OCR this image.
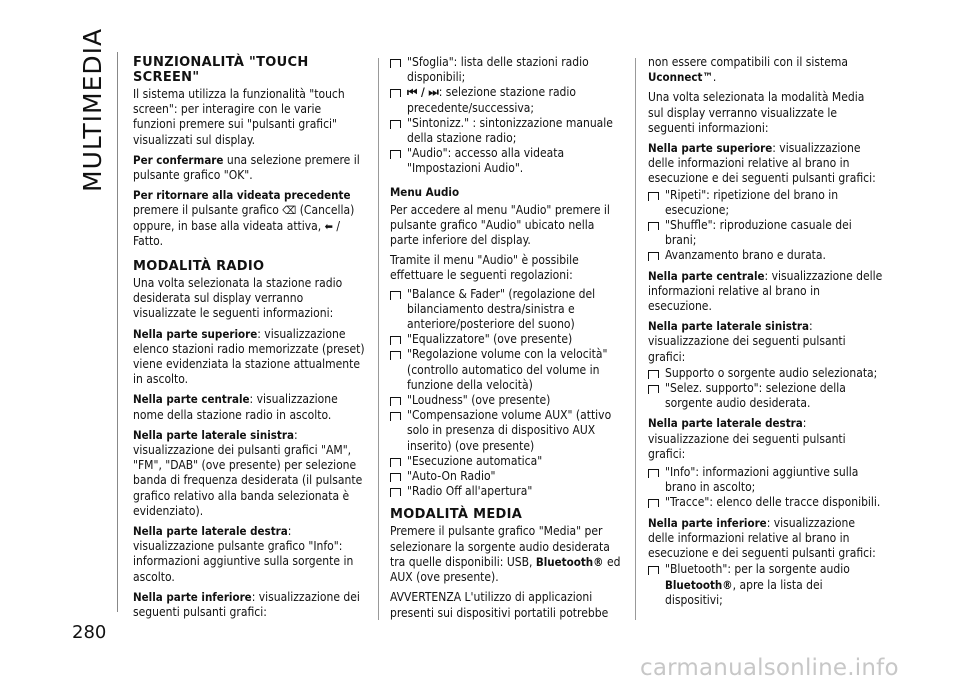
MULTIMEDIA
280
FUNZIONALITÀ "TOUCH SCREEN"

Il sistema utilizza la funzionalità "touch screen": per interagire con le varie funzioni premere sui "pulsanti grafici" visualizzati sul display.

Per confermare una selezione premere il pulsante grafico "OK".
Per ritornare alla videata precedente
premere il pulsante grafico ⌫ (Cancella) oppure, in base alla videata attiva, ⬅ / Fatto.
MODALITÀ RADIO

Una volta selezionata la stazione radio desiderata sul display verranno visualizzate le seguenti informazioni:

Nella parte superiore: visualizzazione elenco stazioni radio memorizzate (preset) viene evidenziata la stazione attualmente in ascolto.

Nella parte centrale: visualizzazione nome della stazione radio in ascolto.

Nella parte laterale sinistra: visualizzazione dei pulsanti grafici "AM", "FM", "DAB" (ove presente) per selezione banda di frequenza desiderata (il pulsante grafico relativo alla banda selezionata è evidenziato).

Nella parte laterale destra: visualizzazione pulsante grafico "Info": informazioni aggiuntive sulla sorgente in ascolto.

Nella parte inferiore: visualizzazione dei seguenti pulsanti grafici:

"Sfoglia": lista delle stazioni radio disponibili;
⏮ / ⏭: selezione stazione radio precedente/successiva;
"Sintonizz." : sintonizzazione manuale della stazione radio;
"Audio": accesso alla videata "Impostazioni Audio".
Menu Audio

Per accedere al menu "Audio" premere il pulsante grafico "Audio" ubicato nella parte inferiore del display.

Tramite il menu "Audio" è possibile effettuare le seguenti regolazioni:

"Balance & Fader" (regolazione del bilanciamento destra/sinistra e anteriore/posteriore del suono)
"Equalizzatore" (ove presente)
"Regolazione volume con la velocità" (controllo automatico del volume in funzione della velocità)
"Loudness" (ove presente)
"Compensazione volume AUX" (attivo solo in presenza di dispositivo AUX inserito) (ove presente)
"Esecuzione automatica"
"Auto-On Radio"
"Radio Off all'apertura"
MODALITÀ MEDIA

Premere il pulsante grafico "Media" per selezionare la sorgente audio desiderata tra quelle disponibili: USB, Bluetooth® ed AUX (ove presente).

AVVERTENZA L'utilizzo di applicazioni presenti sui dispositivi portatili potrebbe

non essere compatibili con il sistema Uconnect™.

Una volta selezionata la modalità Media sul display verranno visualizzate le seguenti informazioni:

Nella parte superiore: visualizzazione delle informazioni relative al brano in esecuzione e dei seguenti pulsanti grafici:

"Ripeti": ripetizione del brano in esecuzione;
"Shuffle": riproduzione casuale dei brani;
Avanzamento brano e durata.

Nella parte centrale: visualizzazione delle informazioni relative al brano in esecuzione.

Nella parte laterale sinistra: visualizzazione dei seguenti pulsanti grafici:

Supporto o sorgente audio selezionata;
"Selez. supporto": selezione della sorgente audio desiderata.

Nella parte laterale destra: visualizzazione dei seguenti pulsanti grafici:

"Info": informazioni aggiuntive sulla brano in ascolto;
"Tracce": elenco delle tracce disponibili.

Nella parte inferiore: visualizzazione delle informazioni relative al brano in esecuzione e dei seguenti pulsanti grafici:

"Bluetooth": per la sorgente audio Bluetooth®, apre la lista dei dispositivi;
carmanualsonline.info
